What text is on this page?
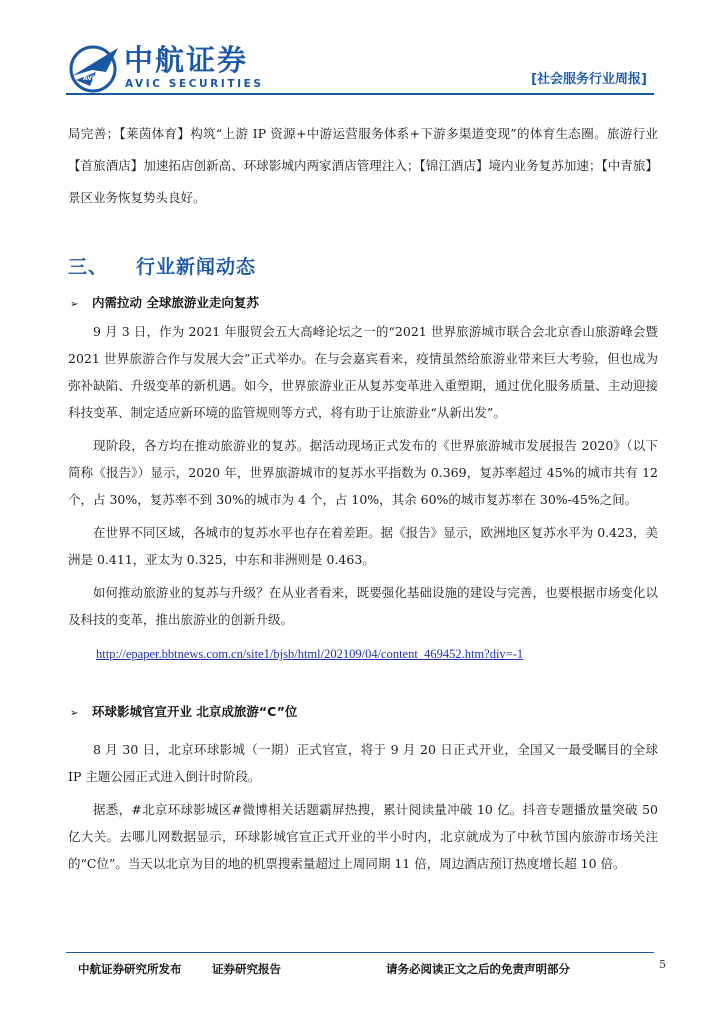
AVIC
中航证券
AVIC SECURITIES	[社会服务行业周报]

局完善；【莱茵体育】构筑“上游 IP 资源+中游运营服务体系+下游多渠道变现”的体育生态圈。旅游行业【首旅酒店】加速拓店创新高、环球影城内两家酒店管理注入；【锦江酒店】境内业务复苏加速；【中青旅】景区业务恢复势头良好。

三、 行业新闻动态
➢ 内需拉动 全球旅游业走向复苏

9 月 3 日，作为 2021 年服贸会五大高峰论坛之一的“2021 世界旅游城市联合会北京香山旅游峰会暨 2021 世界旅游合作与发展大会”正式举办。在与会嘉宾看来，疫情虽然给旅游业带来巨大考验，但也成为弥补缺陷、升级变革的新机遇。如今，世界旅游业正从复苏变革进入重塑期，通过优化服务质量、主动迎接科技变革、制定适应新环境的监管规则等方式，将有助于让旅游业“从新出发”。

现阶段，各方均在推动旅游业的复苏。据活动现场正式发布的《世界旅游城市发展报告 2020》（以下简称《报告》）显示，2020 年，世界旅游城市的复苏水平指数为 0.369，复苏率超过 45%的城市共有 12 个，占 30%，复苏率不到 30%的城市为 4 个，占 10%，其余 60%的城市复苏率在 30%-45%之间。

在世界不同区域，各城市的复苏水平也存在着差距。据《报告》显示，欧洲地区复苏水平为 0.423，美洲是 0.411，亚太为 0.325，中东和非洲则是 0.463。

如何推动旅游业的复苏与升级？在从业者看来，既要强化基础设施的建设与完善，也要根据市场变化以及科技的变革，推出旅游业的创新升级。

http://epaper.bbtnews.com.cn/site1/bjsb/html/202109/04/content_469452.htm?div=-1
➢ 环球影城官宣开业 北京成旅游“C”位

8 月 30 日，北京环球影城（一期）正式官宣，将于 9 月 20 日正式开业，全国又一最受瞩目的全球 IP 主题公园正式进入倒计时阶段。

据悉，#北京环球影城区#微博相关话题霸屏热搜，累计阅读量冲破 10 亿。抖音专题播放量突破 50 亿大关。去哪儿网数据显示，环球影城官宣正式开业的半小时内，北京就成为了中秋节国内旅游市场关注的“C位”。当天以北京为目的地的机票搜索量超过上周同期 11 倍，周边酒店预订热度增长超 10 倍。

中航证券研究所发布	证券研究报告	请务必阅读正文之后的免责声明部分	5
